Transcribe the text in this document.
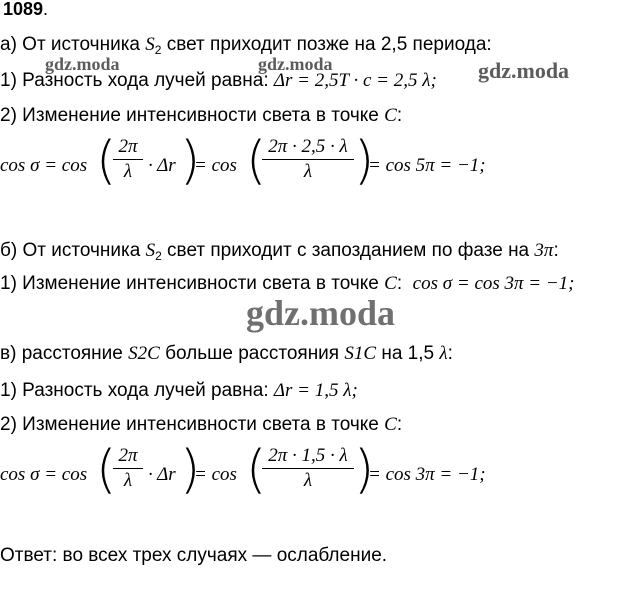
1089.
а) От источника $S_2$ свет приходит позже на 2,5 периода:
1) Разность хода лучей равна: Δr = 2,5T · c = 2,5 λ;
2) Изменение интенсивности света в точке C:
cos σ = cos ( 2π
λ · Δr )
= cos ( 2π · 2,5 · λ
λ )
= cos 5π = −1;
б) От источника $S_2$ свет приходит с запозданием по фазе на 3π:
1) Изменение интенсивности света в точке C: cos σ = cos 3π = −1;
в) расстояние S2C больше расстояния S1C на 1,5 λ:
1) Разность хода лучей равна: Δr = 1,5 λ;
2) Изменение интенсивности света в точке C:
cos σ = cos ( 2π
λ · Δr )
= cos ( 2π · 1,5 · λ
λ )
= cos 3π = −1;
Ответ: во всех трех случаях — ослабление.
gdz.moda	gdz.moda	gdz.moda
gdz.moda
